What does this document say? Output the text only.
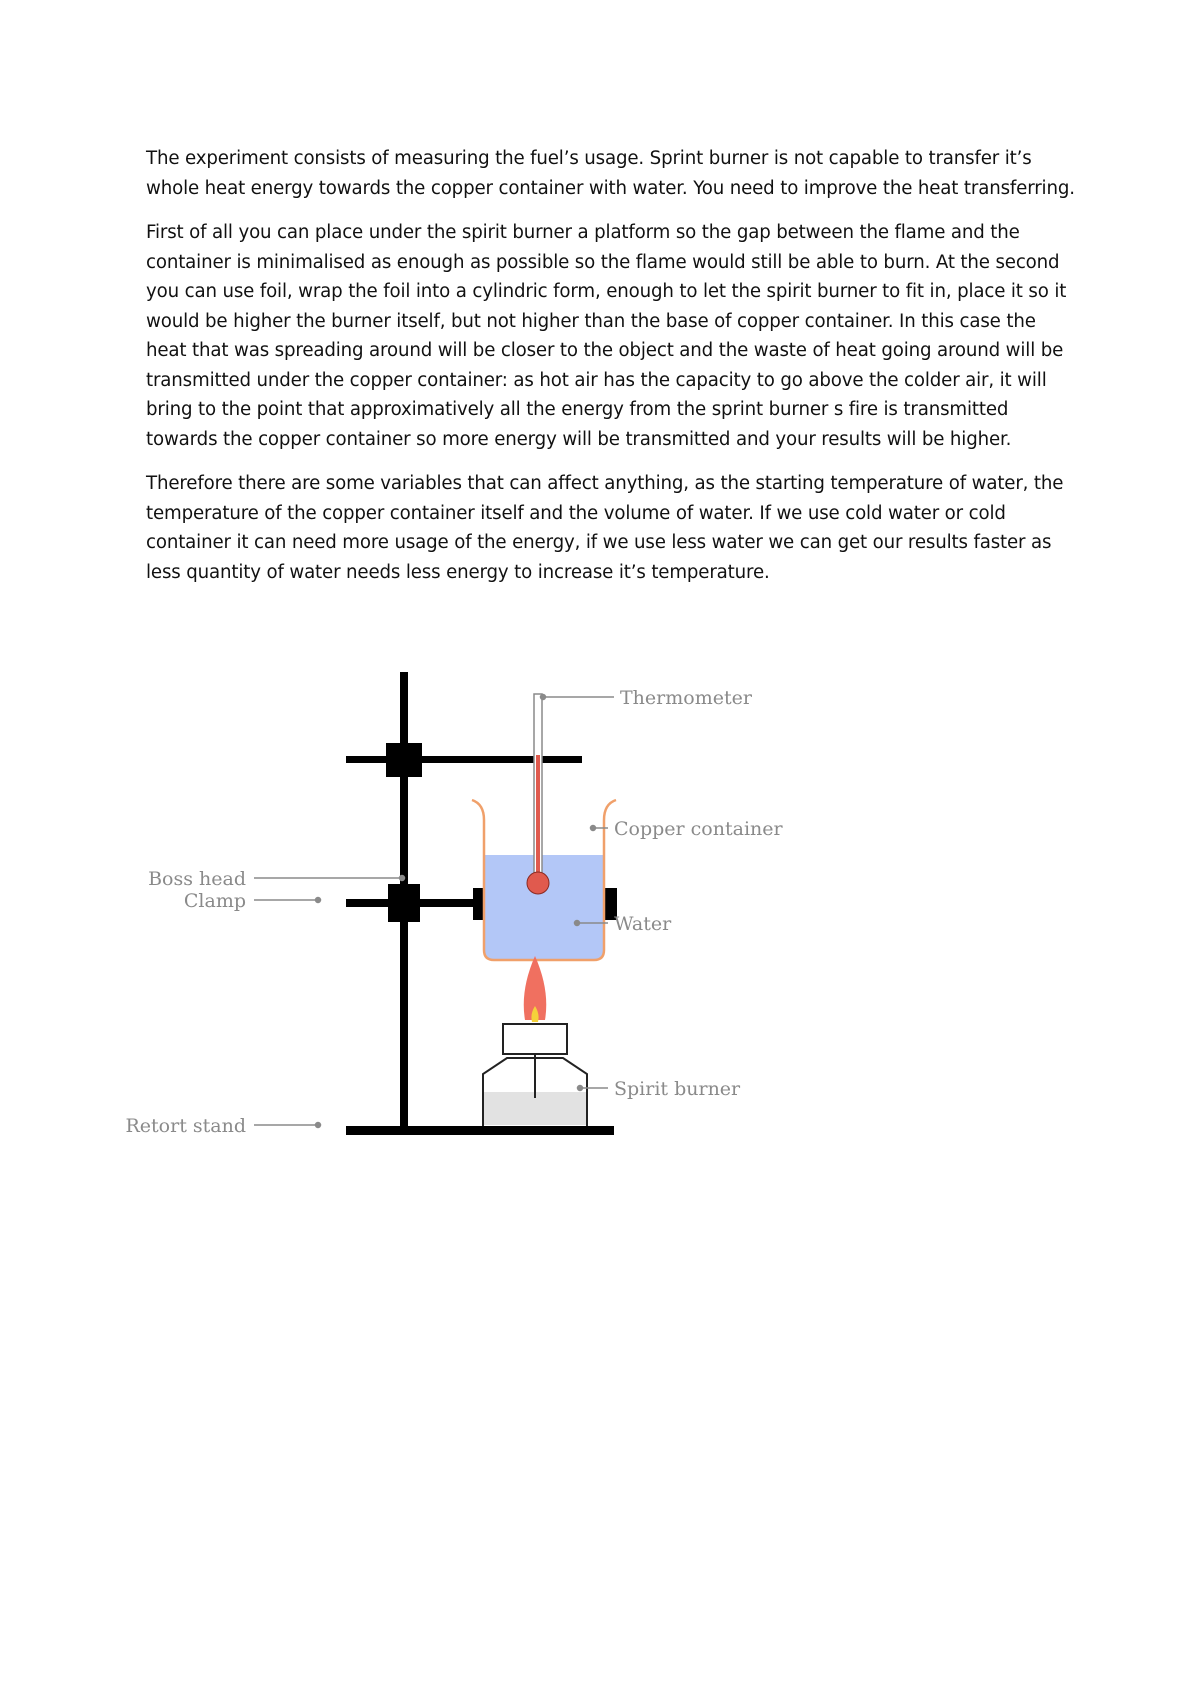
The experiment consists of measuring the fuel’s usage. Sprint burner is not capable to transfer it’s whole heat energy towards the copper container with water. You need to improve the heat transferring.

First of all you can place under the spirit burner a platform so the gap between the flame and the container is minimalised as enough as possible so the flame would still be able to burn. At the second you can use foil, wrap the foil into a cylindric form, enough to let the spirit burner to fit in, place it so it would be higher the burner itself, but not higher than the base of copper container. In this case the heat that was spreading around will be closer to the object and the waste of heat going around will be transmitted under the copper container: as hot air has the capacity to go above the colder air, it will bring to the point that approximatively all the energy from the sprint burner s fire is transmitted towards the copper container so more energy will be transmitted and your results will be higher.

Therefore there are some variables that can affect anything, as the starting temperature of water, the temperature of the copper container itself and the volume of water. If we use cold water or cold container it can need more usage of the energy, if we use less water we can get our results faster as less quantity of water needs less energy to increase it’s temperature.

Thermometer
Copper container
Boss head
Clamp
Water
Spirit burner
Retort stand
